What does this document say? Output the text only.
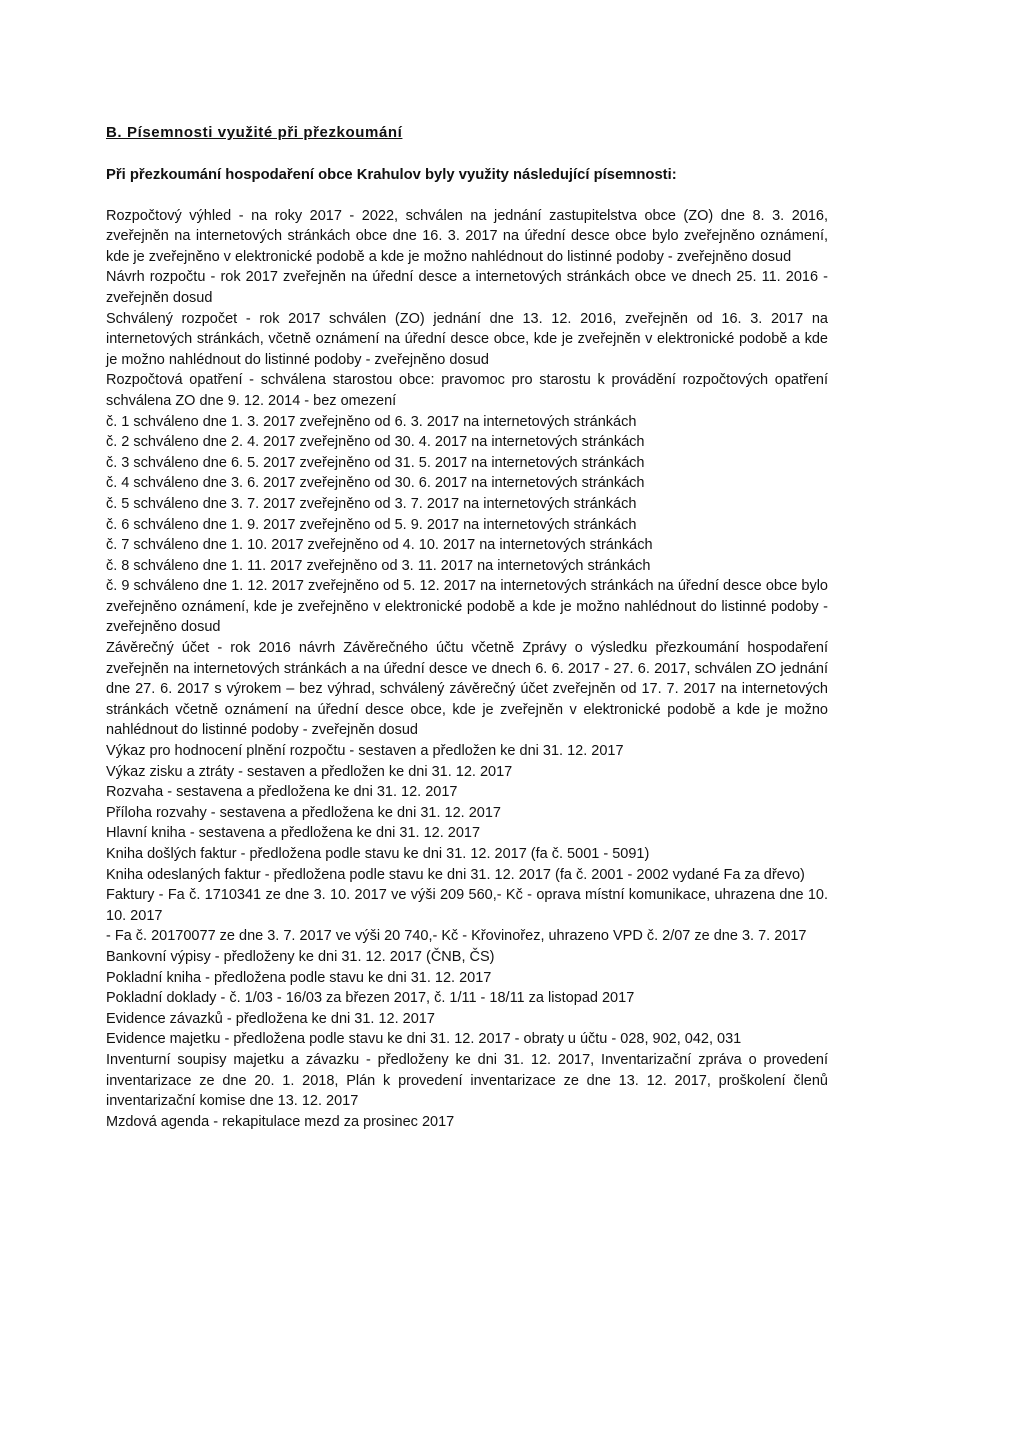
B. Písemnosti využité při přezkoumání
Při přezkoumání hospodaření obce Krahulov byly využity následující písemnosti:

Rozpočtový výhled - na roky 2017 - 2022, schválen na jednání zastupitelstva obce (ZO) dne 8. 3. 2016, zveřejněn na internetových stránkách obce dne 16. 3. 2017 na úřední desce obce bylo zveřejněno oznámení, kde je zveřejněno v elektronické podobě a kde je možno nahlédnout do listinné podoby - zveřejněno dosud

Návrh rozpočtu - rok 2017 zveřejněn na úřední desce a internetových stránkách obce ve dnech 25. 11. 2016 - zveřejněn dosud

Schválený rozpočet - rok 2017 schválen (ZO) jednání dne 13. 12. 2016, zveřejněn od 16. 3. 2017 na internetových stránkách, včetně oznámení na úřední desce obce, kde je zveřejněn v elektronické podobě a kde je možno nahlédnout do listinné podoby - zveřejněno dosud

Rozpočtová opatření - schválena starostou obce: pravomoc pro starostu k provádění rozpočtových opatření schválena ZO dne 9. 12. 2014 - bez omezení

č. 1 schváleno dne 1. 3. 2017 zveřejněno od 6. 3. 2017 na internetových stránkách

č. 2 schváleno dne 2. 4. 2017 zveřejněno od 30. 4. 2017 na internetových stránkách

č. 3 schváleno dne 6. 5. 2017 zveřejněno od 31. 5. 2017 na internetových stránkách

č. 4 schváleno dne 3. 6. 2017 zveřejněno od 30. 6. 2017 na internetových stránkách

č. 5 schváleno dne 3. 7. 2017 zveřejněno od 3. 7. 2017 na internetových stránkách

č. 6 schváleno dne 1. 9. 2017 zveřejněno od 5. 9. 2017 na internetových stránkách

č. 7 schváleno dne 1. 10. 2017 zveřejněno od 4. 10. 2017 na internetových stránkách

č. 8 schváleno dne 1. 11. 2017 zveřejněno od 3. 11. 2017 na internetových stránkách

č. 9 schváleno dne 1. 12. 2017 zveřejněno od 5. 12. 2017 na internetových stránkách na úřední desce obce bylo zveřejněno oznámení, kde je zveřejněno v elektronické podobě a kde je možno nahlédnout do listinné podoby - zveřejněno dosud

Závěrečný účet - rok 2016 návrh Závěrečného účtu včetně Zprávy o výsledku přezkoumání hospodaření zveřejněn na internetových stránkách a na úřední desce ve dnech 6. 6. 2017 - 27. 6. 2017, schválen ZO jednání dne 27. 6. 2017 s výrokem – bez výhrad, schválený závěrečný účet zveřejněn od 17. 7. 2017 na internetových stránkách včetně oznámení na úřední desce obce, kde je zveřejněn v elektronické podobě a kde je možno nahlédnout do listinné podoby - zveřejněn dosud

Výkaz pro hodnocení plnění rozpočtu - sestaven a předložen ke dni 31. 12. 2017

Výkaz zisku a ztráty - sestaven a předložen ke dni 31. 12. 2017

Rozvaha - sestavena a předložena ke dni 31. 12. 2017

Příloha rozvahy - sestavena a předložena ke dni 31. 12. 2017

Hlavní kniha - sestavena a předložena ke dni 31. 12. 2017

Kniha došlých faktur - předložena podle stavu ke dni 31. 12. 2017 (fa č. 5001 - 5091)

Kniha odeslaných faktur - předložena podle stavu ke dni 31. 12. 2017 (fa č. 2001 - 2002 vydané Fa za dřevo)

Faktury - Fa č. 1710341 ze dne 3. 10. 2017 ve výši 209 560,- Kč - oprava místní komunikace, uhrazena dne 10. 10. 2017

- Fa č. 20170077 ze dne 3. 7. 2017 ve výši 20 740,- Kč - Křovinořez, uhrazeno VPD č. 2/07 ze dne 3. 7. 2017

Bankovní výpisy - předloženy ke dni 31. 12. 2017 (ČNB, ČS)

Pokladní kniha - předložena podle stavu ke dni 31. 12. 2017

Pokladní doklady - č. 1/03 - 16/03 za březen 2017, č. 1/11 - 18/11 za listopad 2017

Evidence závazků - předložena ke dni 31. 12. 2017

Evidence majetku - předložena podle stavu ke dni 31. 12. 2017 - obraty u účtu - 028, 902, 042, 031

Inventurní soupisy majetku a závazku - předloženy ke dni 31. 12. 2017, Inventarizační zpráva o provedení inventarizace ze dne 20. 1. 2018, Plán k provedení inventarizace ze dne 13. 12. 2017, proškolení členů inventarizační komise dne 13. 12. 2017

Mzdová agenda - rekapitulace mezd za prosinec 2017
